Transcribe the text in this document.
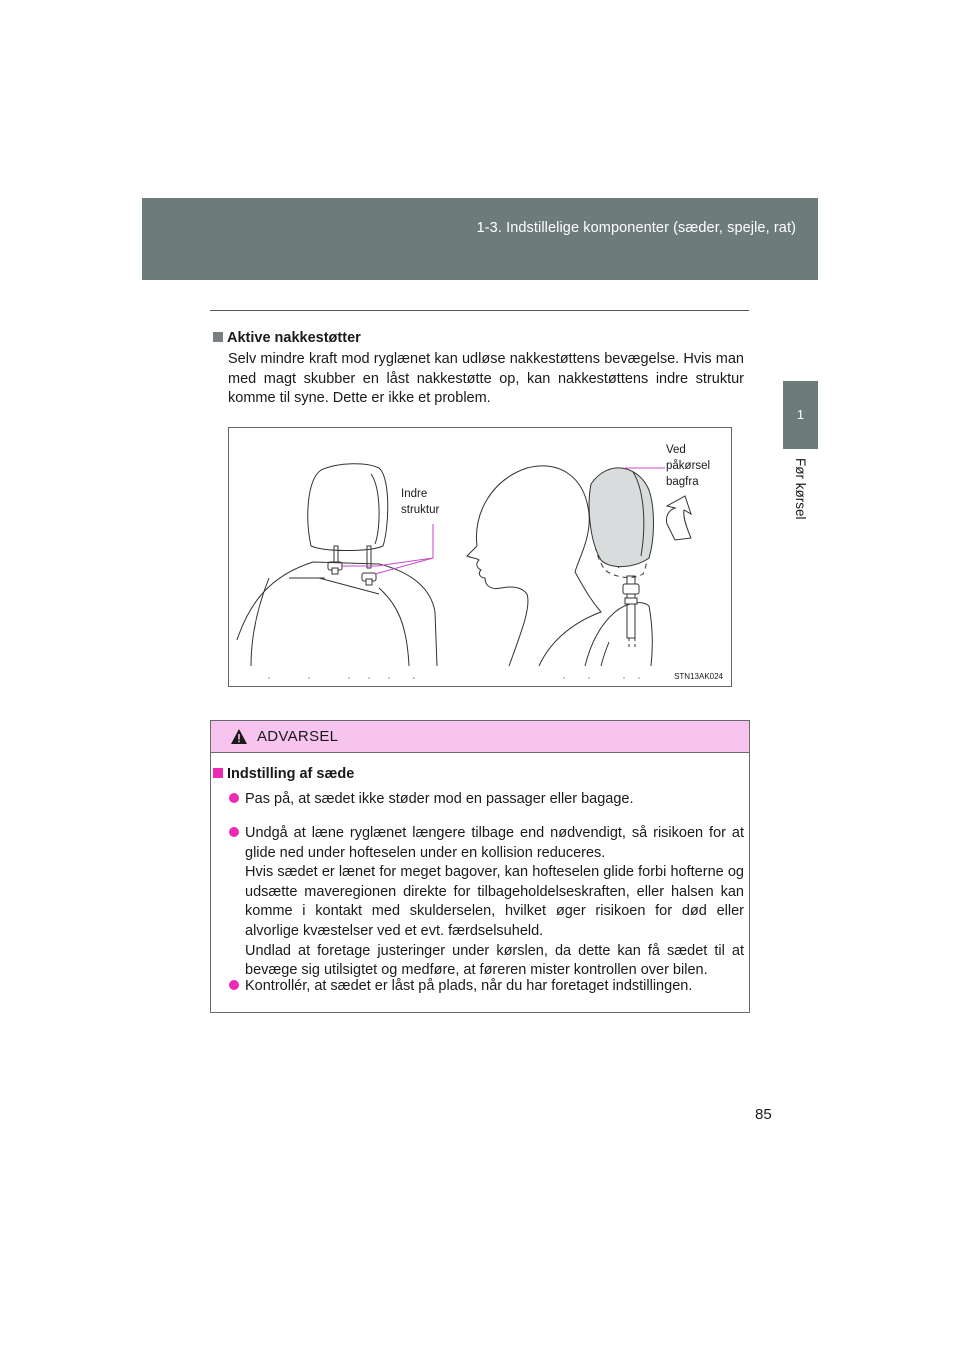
1-3. Indstillelige komponenter (sæder, spejle, rat)
1
Før kørsel
Aktive nakkestøtter
Selv mindre kraft mod ryglænet kan udløse nakkestøttens bevægelse. Hvis man med magt skubber en låst nakkestøtte op, kan nakkestøttens indre struktur komme til syne. Dette er ikke et problem.
Indre
struktur
Ved
påkørsel
bagfra
STN13AK024
ADVARSEL
Indstilling af sæde
Pas på, at sædet ikke støder mod en passager eller bagage.
Undgå at læne ryglænet længere tilbage end nødvendigt, så risikoen for at glide ned under hofteselen under en kollision reduceres.
Hvis sædet er lænet for meget bagover, kan hofteselen glide forbi hofterne og udsætte maveregionen direkte for tilbageholdelseskraften, eller halsen kan komme i kontakt med skulderselen, hvilket øger risikoen for død eller alvorlige kvæstelser ved et evt. færdselsuheld.
Undlad at foretage justeringer under kørslen, da dette kan få sædet til at bevæge sig utilsigtet og medføre, at føreren mister kontrollen over bilen.
Kontrollér, at sædet er låst på plads, når du har foretaget indstillingen.
85
